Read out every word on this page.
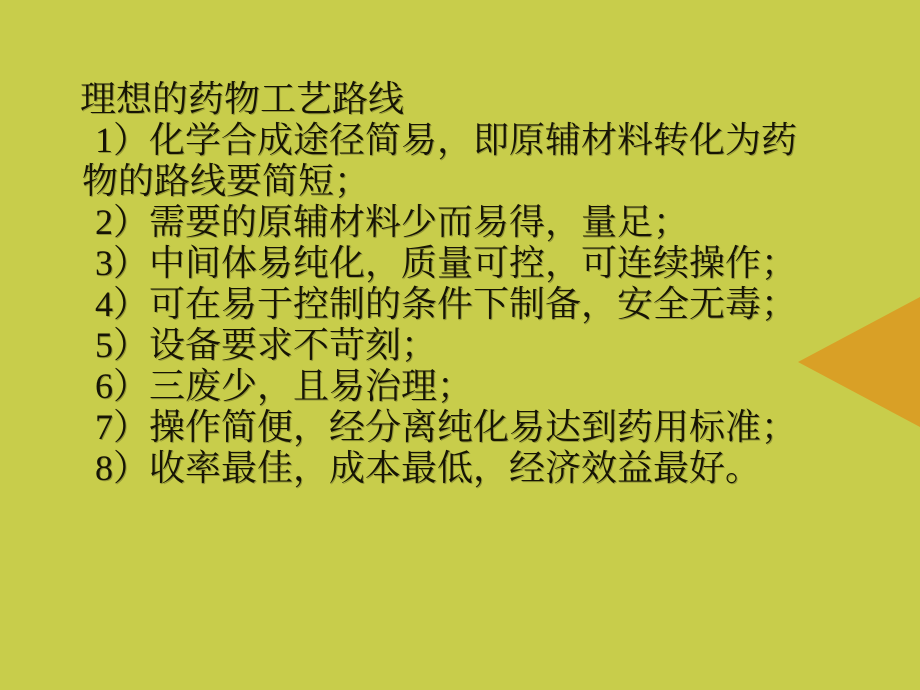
理想的药物工艺路线
1）化学合成途径简易，即原辅材料转化为药
物的路线要简短；
2）需要的原辅材料少而易得，量足；
3）中间体易纯化，质量可控，可连续操作；
4）可在易于控制的条件下制备，安全无毒；
5）设备要求不苛刻；
6）三废少，且易治理；
7）操作简便，经分离纯化易达到药用标准；
8）收率最佳，成本最低，经济效益最好。
